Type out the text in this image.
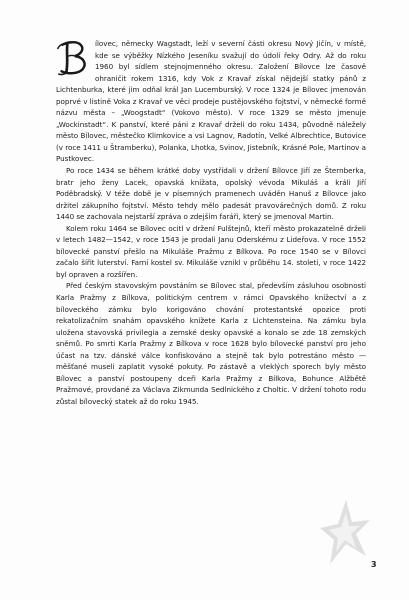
ílovec, německy Wagstadt, leží v severní části okresu Nový Jičín, v místě, kde se výběžky Nízkého Jeseníku svažují do údolí řeky Odry. Až do roku 1960 byl sídlem stejnojmenného okresu. Založení Bílovce lze časově ohraničit rokem 1316, kdy Vok z Kravař získal nějdejší statky pánů z Lichtenburka, které jim odňal král Jan Lucemburský. V roce 1324 je Bílovec jmenován poprvé v listině Voka z Kravař ve věci prodeje pustějovského fojtství, v německé formě názvu města – „Woogstadt“ (Vokovo město). V roce 1329 se město jmenuje „Wockinstadt“. K panství, které páni z Kravař drželi do roku 1434, původně náležely město Bílovec, městečko Klimkovice a vsi Lagnov, Radotín, Velké Albrechtice, Butovice (v roce 1411 u Štramberku), Polanka, Lhotka, Svinov, Jistebník, Krásné Pole, Martinov a Pustkovec.

Po roce 1434 se během krátké doby vystřídali v držení Bílovce Jiří ze Šternberka, bratr jeho ženy Lacek, opavská knížata, opolský vévoda Mikuláš a králi Jiří Poděbradský. V téže době je v písemných pramenech uváděn Hanuš z Bílovce jako držitel zákupního fojtství. Město tehdy mělo padesát pravovárečných domů. Z roku 1440 se zachovala nejstarší zpráva o zdejším faráři, který se jmenoval Martin.

Kolem roku 1464 se Bílovec ocitl v držení Fulštejnů, kteří město prokazatelně drželi v letech 1482—1542, v roce 1543 je prodali Janu Oderskému z Lideřova. V roce 1552 bílovecké panství přešlo na Mikuláše Pražmu z Bílkova. Po roce 1540 se v Bílovci začalo šířit luterství. Farní kostel sv. Mikuláše vznikl v průběhu 14. století, v roce 1422 byl opraven a rozšířen.

Před českým stavovským povstáním se Bílovec stal, především zásluhou osobnosti Karla Pražmy z Bílkova, politickým centrem v rámci Opavského knížectví a z bíloveckého zámku bylo korigováno chování protestantské opozice proti rekatolizačním snahám opavského knížete Karla z Lichtensteina. Na zámku byla uložena stavovská privilegia a zemské desky opavské a konalo se zde 18 zemských sněmů. Po smrti Karla Pražmy z Bílkova v roce 1628 bylo bílovecké panství pro jeho účast na tzv. dánské válce konfiskováno a stejně tak bylo potrestáno město — měšťané museli zaplatit vysoké pokuty. Po zástavě a vleklých sporech byly město Bílovec a panství postoupeny dceři Karla Pražmy z Bílkova, Bohunce Alžbětě Pražmové, provdané za Václava Zikmunda Sedlnického z Choltic. V držení tohoto rodu zůstal bílovecký statek až do roku 1945.

3
